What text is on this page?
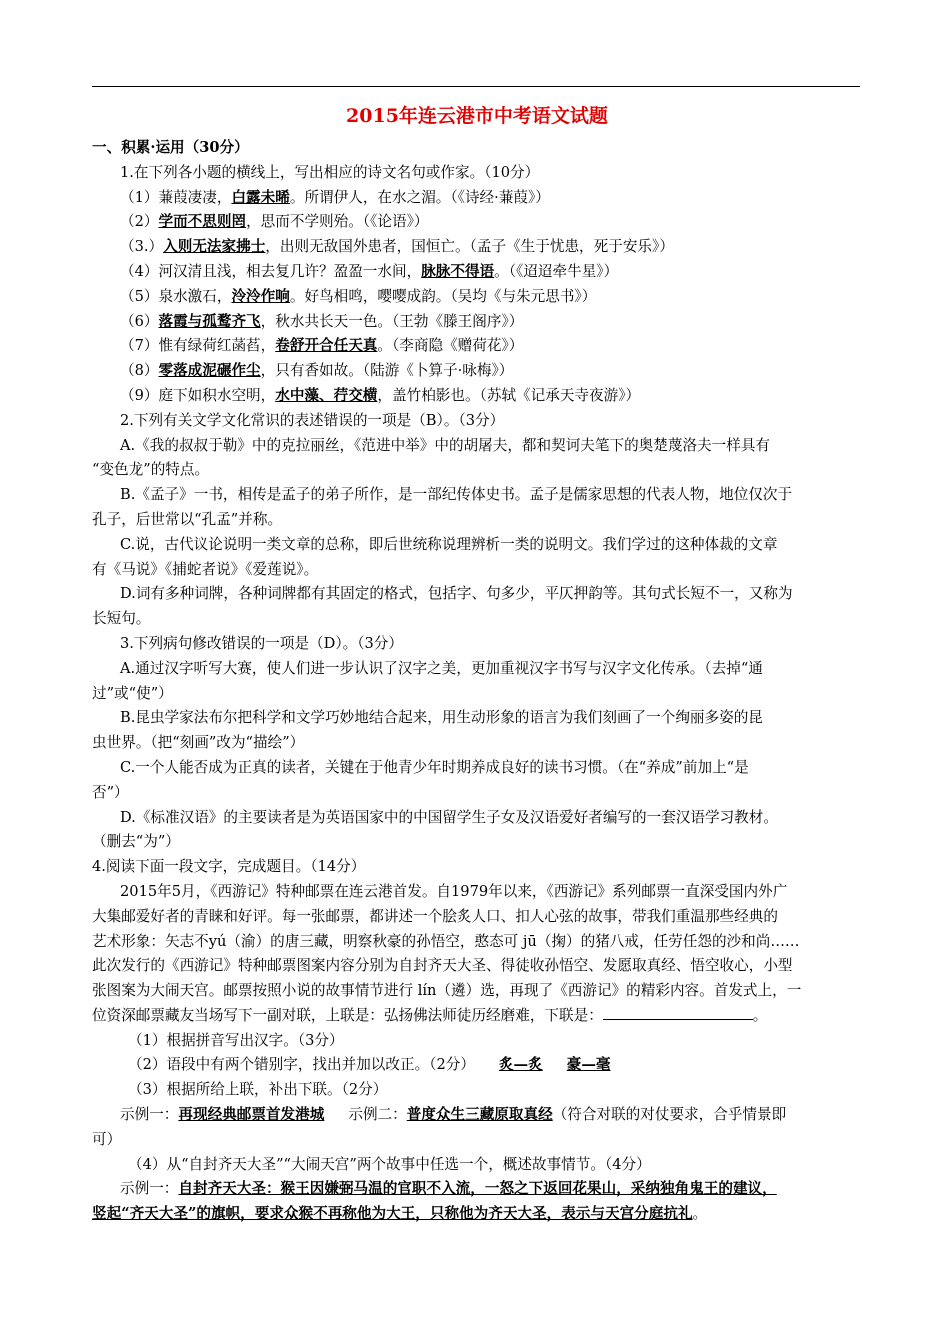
2015年连云港市中考语文试题
一、积累·运用（30分）
1.在下列各小题的横线上，写出相应的诗文名句或作家。（10分）
（1）蒹葭凄凄，白露未晞。所谓伊人，在水之湄。（《诗经·蒹葭》）
（2）学而不思则罔，思而不学则殆。（《论语》）
（3.）入则无法家拂士，出则无敌国外患者，国恒亡。（孟子《生于忧患，死于安乐》）
（4）河汉清且浅，相去复几许？盈盈一水间，脉脉不得语。（《迢迢牵牛星》）
（5）泉水激石，泠泠作响。好鸟相鸣，嘤嘤成韵。（吴均《与朱元思书》）
（6）落霞与孤鹜齐飞，秋水共长天一色。（王勃《滕王阁序》）
（7）惟有绿荷红菡萏，卷舒开合任天真。（李商隐《赠荷花》）
（8）零落成泥碾作尘，只有香如故。（陆游《卜算子·咏梅》）
（9）庭下如积水空明，水中藻、荇交横，盖竹柏影也。（苏轼《记承天寺夜游》）
2.下列有关文学文化常识的表述错误的一项是（B）。（3分）
A.《我的叔叔于勒》中的克拉丽丝，《范进中举》中的胡屠夫，都和契诃夫笔下的奥楚蔑洛夫一样具有
“变色龙”的特点。
B.《孟子》一书，相传是孟子的弟子所作，是一部纪传体史书。孟子是儒家思想的代表人物，地位仅次于
孔子，后世常以“孔孟”并称。
C.说，古代议论说明一类文章的总称，即后世统称说理辨析一类的说明文。我们学过的这种体裁的文章
有《马说》《捕蛇者说》《爱莲说》。
D.词有多种词牌，各种词牌都有其固定的格式，包括字、句多少，平仄押韵等。其句式长短不一，又称为
长短句。
3.下列病句修改错误的一项是（D）。（3分）
A.通过汉字听写大赛，使人们进一步认识了汉字之美，更加重视汉字书写与汉字文化传承。（去掉“通
过”或“使”）
B.昆虫学家法布尔把科学和文学巧妙地结合起来，用生动形象的语言为我们刻画了一个绚丽多姿的昆
虫世界。（把“刻画”改为“描绘”）
C.一个人能否成为正真的读者，关键在于他青少年时期养成良好的读书习惯。（在“养成”前加上“是
否”）
D.《标准汉语》的主要读者是为英语国家中的中国留学生子女及汉语爱好者编写的一套汉语学习教材。
（删去“为”）
4.阅读下面一段文字，完成题目。（14分）
2015年5月，《西游记》特种邮票在连云港首发。自1979年以来，《西游记》系列邮票一直深受国内外广
大集邮爱好者的青睐和好评。每一张邮票，都讲述一个脍炙人口、扣人心弦的故事，带我们重温那些经典的
艺术形象：矢志不yú（渝）的唐三藏，明察秋豪的孙悟空，憨态可 jū（掬）的猪八戒，任劳任怨的沙和尚……
此次发行的《西游记》特种邮票图案内容分别为自封齐天大圣、得徒收孙悟空、发愿取真经、悟空收心，小型
张图案为大闹天宫。邮票按照小说的故事情节进行 lín（遴）选，再现了《西游记》的精彩内容。首发式上，一
位资深邮票藏友当场写下一副对联，上联是：弘扬佛法师徒历经磨难，下联是：	。
（1）根据拼音写出汉字。（3分）
（2）语段中有两个错别字，找出并加以改正。（2分） 炙—炙 豪—毫
（3）根据所给上联，补出下联。（2分）
示例一：再现经典邮票首发港城 示例二：普度众生三藏原取真经（符合对联的对仗要求，合乎情景即
可）
（4）从“自封齐天大圣”“大闹天宫”两个故事中任选一个，概述故事情节。（4分）
示例一：自封齐天大圣：猴王因嫌弼马温的官职不入流，一怒之下返回花果山，采纳独角鬼王的建议，
竖起“齐天大圣”的旗帜，要求众猴不再称他为大王，只称他为齐天大圣，表示与天宫分庭抗礼。
